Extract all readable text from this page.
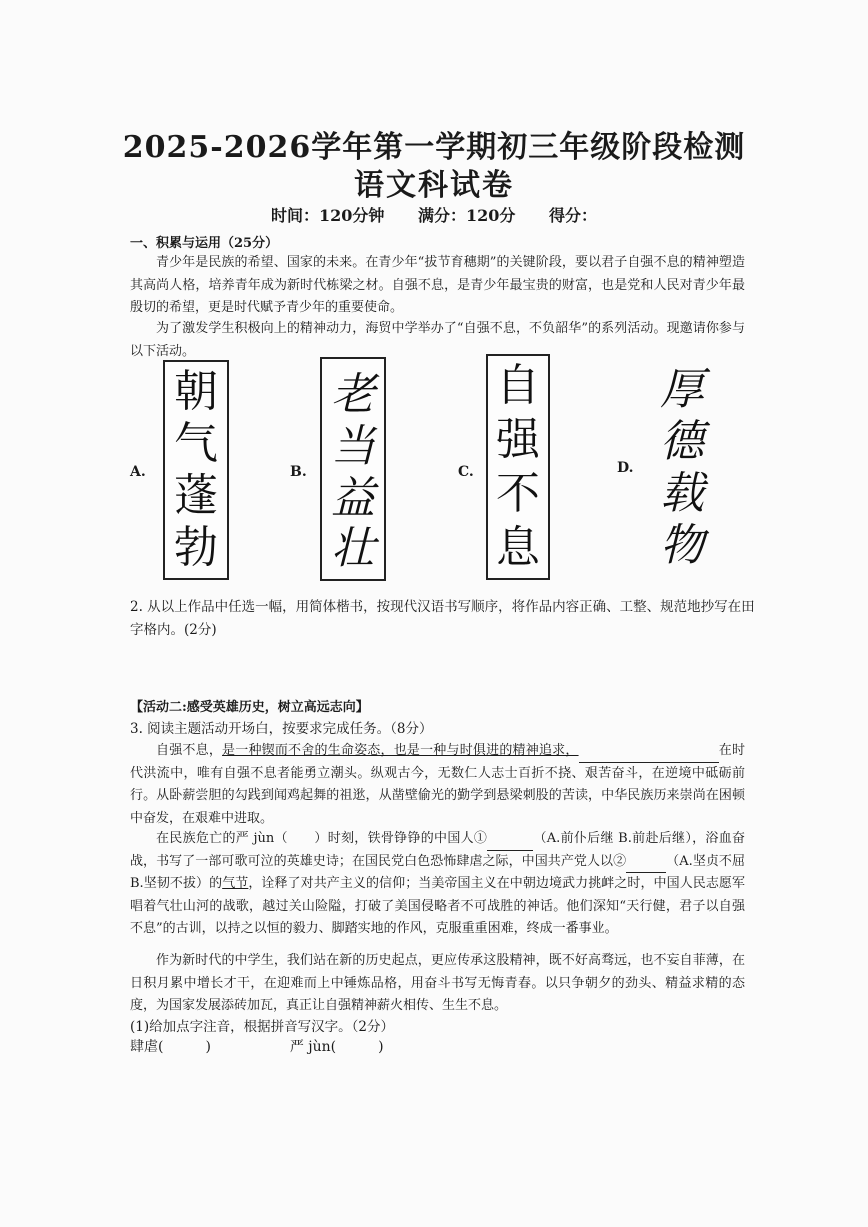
2025-2026学年第一学期初三年级阶段检测
语文科试卷
时间：120分钟 满分：120分 得分：
一、积累与运用（25分）
青少年是民族的希望、国家的未来。在青少年“拔节育穗期”的关键阶段，要以君子自强不息的精神塑造其高尚人格，培养青年成为新时代栋梁之材。自强不息，是青少年最宝贵的财富，也是党和人民对青少年最殷切的希望，更是时代赋予青少年的重要使命。
为了激发学生积极向上的精神动力，海贸中学举办了“自强不息，不负韶华”的系列活动。现邀请你参与以下活动。
A.
朝
气
蓬
勃
B.
老
当
益
壮
C.
自
强
不
息
D.
厚
德
载
物
2. 从以上作品中任选一幅，用简体楷书，按现代汉语书写顺序，将作品内容正确、工整、规范地抄写在田字格内。(2分)
【活动二:感受英雄历史，树立高远志向】
3. 阅读主题活动开场白，按要求完成任务。（8分）
自强不息，是一种锲而不舍的生命姿态，也是一种与时俱进的精神追求，	在时代洪流中，唯有自强不息者能勇立潮头。纵观古今，无数仁人志士百折不挠、艰苦奋斗，在逆境中砥砺前行。从卧薪尝胆的勾践到闻鸡起舞的祖逖，从凿壁偷光的勤学到悬梁刺股的苦读，中华民族历来崇尚在困顿中奋发，在艰难中进取。
在民族危亡的严 jùn（　　）时刻，铁骨铮铮的中国人①	（A.前仆后继 B.前赴后继），浴血奋战，书写了一部可歌可泣的英雄史诗；在国民党白色恐怖肆虐之际，中国共产党人以②	（A.坚贞不屈 B.坚韧不拔）的气节，诠释了对共产主义的信仰；当美帝国主义在中朝边境武力挑衅之时，中国人民志愿军唱着气壮山河的战歌，越过关山险隘，打破了美国侵略者不可战胜的神话。他们深知“天行健，君子以自强不息”的古训，以持之以恒的毅力、脚踏实地的作风，克服重重困难，终成一番事业。
作为新时代的中学生，我们站在新的历史起点，更应传承这股精神，既不好高骛远，也不妄自菲薄，在日积月累中增长才干，在迎难而上中锤炼品格，用奋斗书写无悔青春。以只争朝夕的劲头、精益求精的态度，为国家发展添砖加瓦，真正让自强精神薪火相传、生生不息。
(1)给加点字注音，根据拼音写汉字。（2分）
肆虐(　　　)	严 jùn(　　　)
